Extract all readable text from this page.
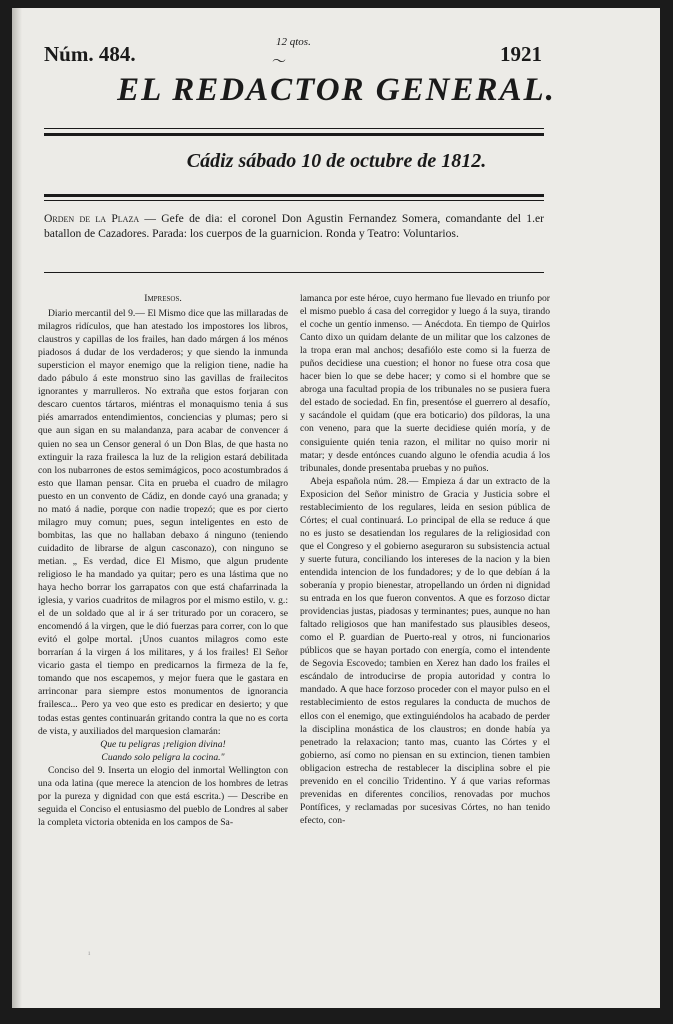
Núm. 484.	12 qtos.
〜	1921
EL REDACTOR GENERAL.
Cádiz sábado 10 de octubre de 1812.
Orden de la Plaza — Gefe de dia: el coronel Don Agustin Fernandez Somera, comandante del 1.er batallon de Cazadores. Parada: los cuerpos de la guarnicion. Ronda y Teatro: Voluntarios.

Impresos.

Diario mercantil del 9.— El Mismo dice que las millaradas de milagros ridículos, que han atestado los impostores los libros, claustros y capillas de los frailes, han dado márgen á los ménos piadosos á dudar de los verdaderos; y que siendo la inmunda supersticion el mayor enemigo que la religion tiene, nadie ha dado pábulo á este monstruo sino las gavillas de frailecitos ignorantes y marrulleros. No extraña que estos forjaran con descaro cuentos tártaros, miéntras el monaquismo tenia á sus piés amarrados entendimientos, conciencias y plumas; pero si que aun sigan en su malandanza, para acabar de convencer á quien no sea un Censor general ó un Don Blas, de que hasta no extinguir la raza frailesca la luz de la religion estará debilitada con los nubarrones de estos semimágicos, poco acostumbrados á esto que llaman pensar. Cita en prueba el cuadro de milagro puesto en un convento de Cádiz, en donde cayó una granada; y no mató á nadie, porque con nadie tropezó; que es por cierto milagro muy comun; pues, segun inteligentes en esto de bombitas, las que no hallaban debaxo á ninguno (teniendo cuidadito de librarse de algun casconazo), con ninguno se metian. „ Es verdad, dice El Mismo, que algun prudente religioso le ha mandado ya quitar; pero es una lástima que no haya hecho borrar los garrapatos con que está chafarrinada la iglesia, y varios cuadritos de milagros por el mismo estilo, v. g.: el de un soldado que al ir á ser triturado por un coracero, se encomendó á la virgen, que le dió fuerzas para correr, con lo que evitó el golpe mortal. ¡Unos cuantos milagros como este borrarían á la virgen á los militares, y á los frailes! El Señor vicario gasta el tiempo en predicarnos la firmeza de la fe, tomando que nos escapemos, y mejor fuera que le gastara en arrinconar para siempre estos monumentos de ignorancia frailesca... Pero ya veo que esto es predicar en desierto; y que todas estas gentes continuarán gritando contra la que no es corta de vista, y auxiliados del marquesion clamarán:

Que tu peligras ¡religion divina!

Cuando solo peligra la cocina."

Conciso del 9. Inserta un elogio del inmortal Wellington con una oda latina (que merece la atencion de los hombres de letras por la pureza y dignidad con que está escrita.) — Describe en seguida el Conciso el entusiasmo del pueblo de Londres al saber la completa victoria obtenida en los campos de Sa-

lamanca por este héroe, cuyo hermano fue llevado en triunfo por el mismo pueblo á casa del corregidor y luego á la suya, tirando el coche un gentío inmenso. — Anécdota. En tiempo de Quirlos Canto dixo un quidam delante de un militar que los calzones de la tropa eran mal anchos; desafiólo este como si la fuerza de puños decidiese una cuestion; el honor no fuese otra cosa que hacer bien lo que se debe hacer; y como si el hombre que se abroga una facultad propia de los tribunales no se pusiera fuera del estado de sociedad. En fin, presentóse el guerrero al desafío, y sacándole el quidam (que era boticario) dos píldoras, la una con veneno, para que la suerte decidiese quién moría, y de consiguiente quién tenia razon, el militar no quiso morir ni matar; y desde entónces cuando alguno le ofendia acudia á los tribunales, donde presentaba pruebas y no puños.

Abeja española núm. 28.— Empieza á dar un extracto de la Exposicion del Señor ministro de Gracia y Justicia sobre el restablecimiento de los regulares, leida en sesion pública de Córtes; el cual continuará. Lo principal de ella se reduce á que no es justo se desatiendan los regulares de la religiosidad con que el Congreso y el gobierno aseguraron su subsistencia actual y suerte futura, conciliando los intereses de la nacion y la bien entendida intencion de los fundadores; y de lo que debían á la soberanía y propio bienestar, atropellando un órden ni dignidad su entrada en los que fueron conventos. A que es forzoso dictar providencias justas, piadosas y terminantes; pues, aunque no han faltado religiosos que han manifestado sus plausibles deseos, como el P. guardian de Puerto-real y otros, ni funcionarios públicos que se hayan portado con energía, como el intendente de Segovia Escovedo; tambien en Xerez han dado los frailes el escándalo de introducirse de propia autoridad y contra lo mandado. A que hace forzoso proceder con el mayor pulso en el restablecimiento de estos regulares la conducta de muchos de ellos con el enemigo, que extinguiéndolos ha acabado de perder la disciplina monástica de los claustros; en donde había ya penetrado la relaxacion; tanto mas, cuanto las Córtes y el gobierno, así como no piensan en su extincion, tienen tambien obligacion estrecha de restablecer la disciplina sobre el pie prevenido en el concilio Tridentino. Y á que varias reformas prevenidas en diferentes concilios, renovadas por muchos Pontífices, y reclamadas por sucesivas Córtes, no han tenido efecto, con-

¹
